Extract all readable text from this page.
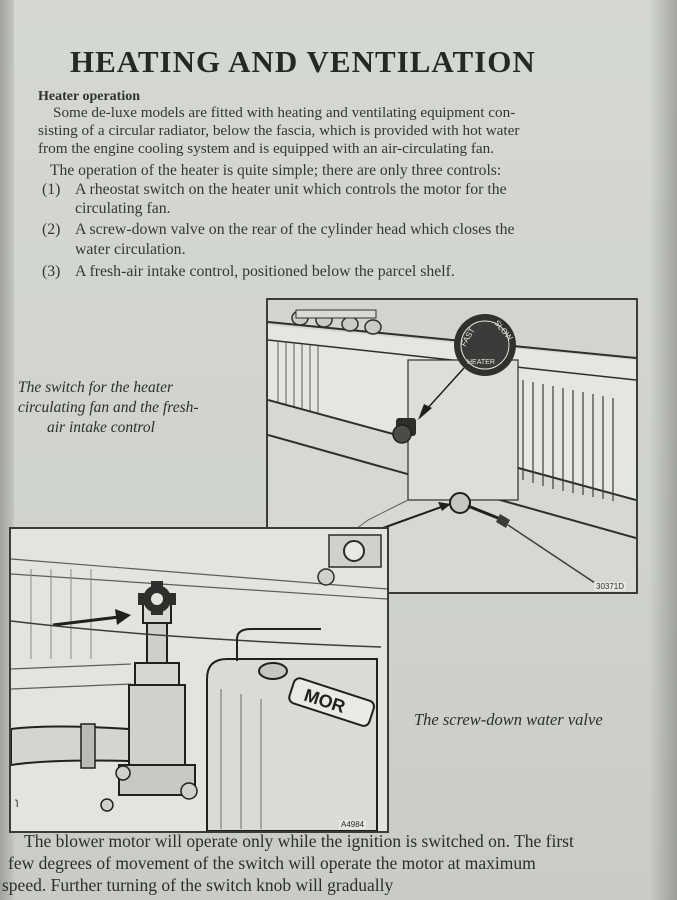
HEATING AND VENTILATION
Heater operation
Some de-luxe models are fitted with heating and ventilating equipment con-
sisting of a circular radiator, below the fascia, which is provided with hot water
from the engine cooling system and is equipped with an air-circulating fan.
The operation of the heater is quite simple; there are only three controls:
(1) A rheostat switch on the heater unit which controls the motor for the
circulating fan.
(2) A screw-down valve on the rear of the cylinder head which closes the
water circulation.
(3) A fresh-air intake control, positioned below the parcel shelf.
The switch for the heater
circulating fan and the fresh-
air intake control
FAST SLOW
HEATER
30371D
MOR
ɿ
A4984
The screw-down water valve
The blower motor will operate only while the ignition is switched on. The first
few degrees of movement of the switch will operate the motor at maximum
speed. Further turning of the switch knob will gradually
